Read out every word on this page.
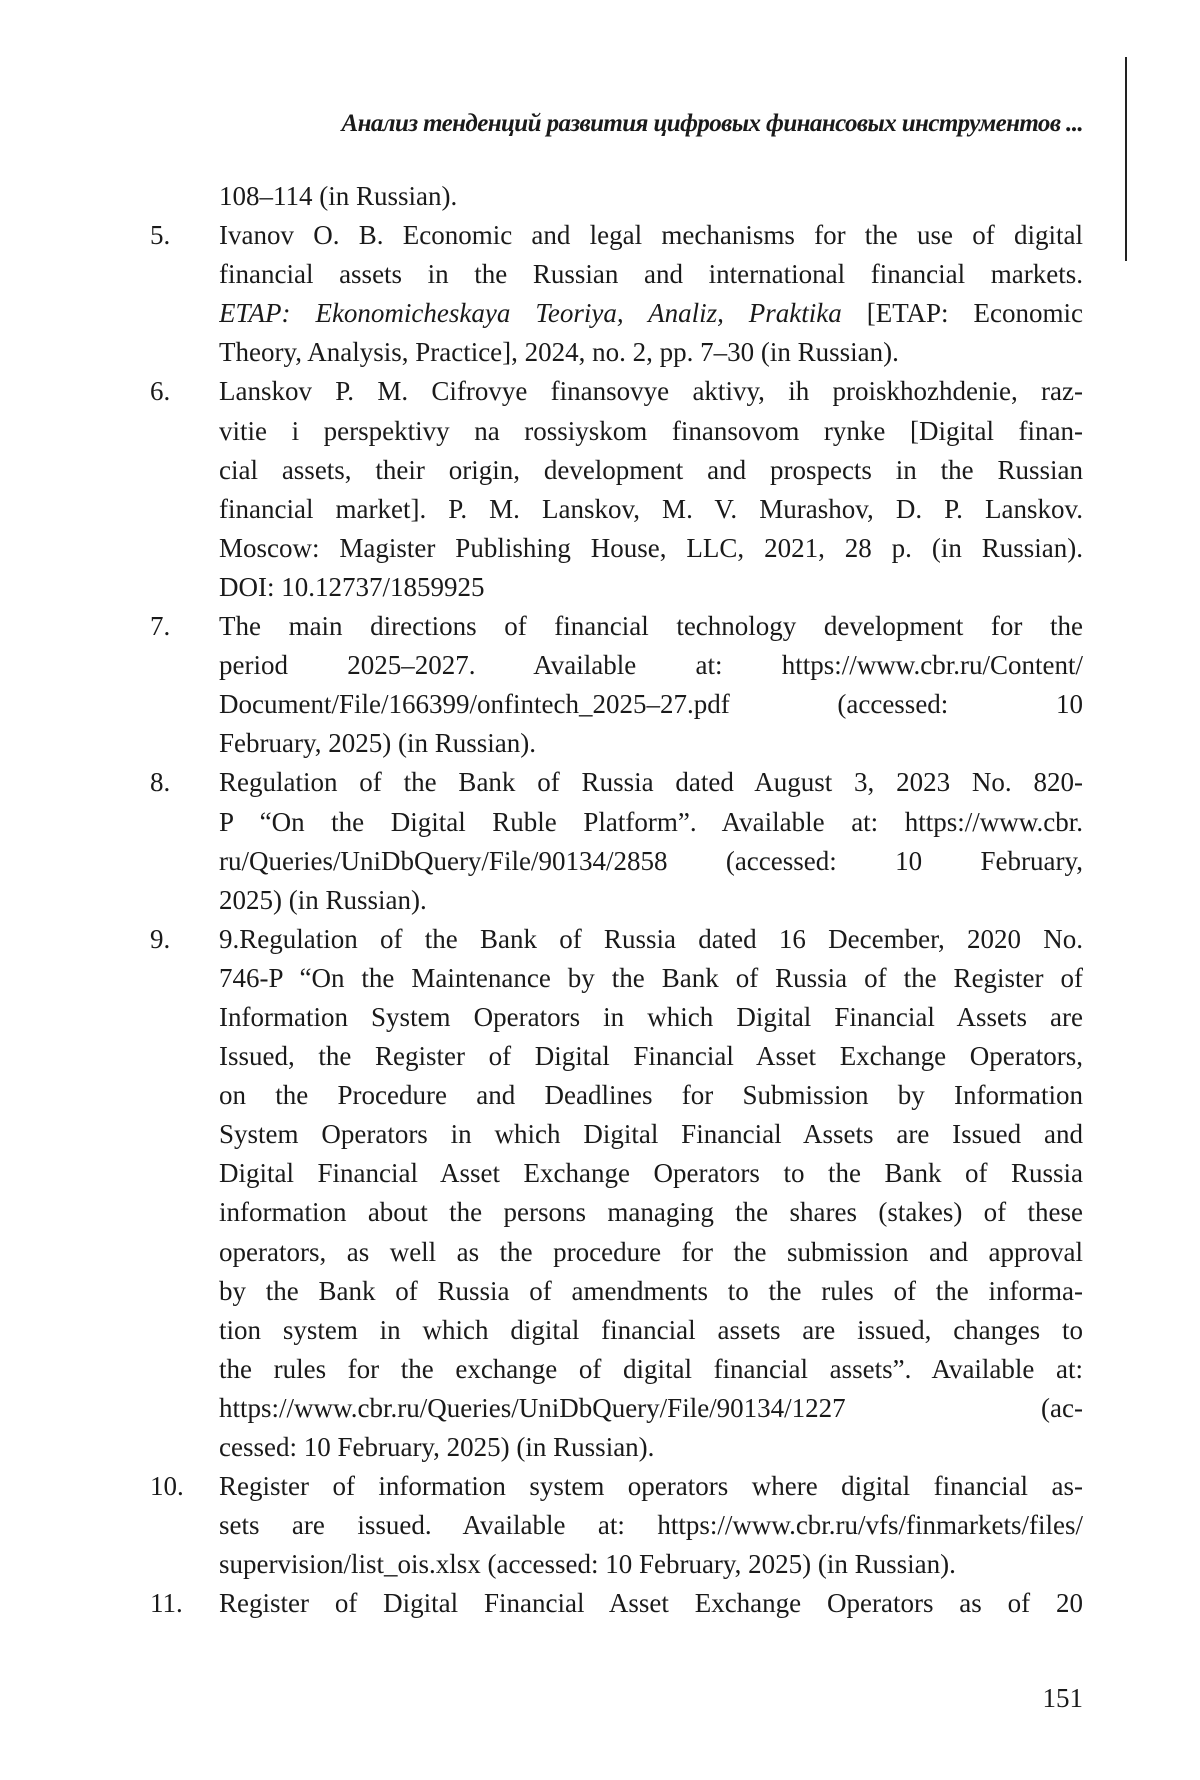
Анализ тенденций развития цифровых финансовых инструментов ...
108–114 (in Russian).
5.	Ivanov O. B. Economic and legal mechanisms for the use of digital
financial assets in the Russian and international financial markets.
ETAP: Ekonomicheskaya Teoriya, Analiz, Praktika [ETAP: Economic
Theory, Analysis, Practice], 2024, no. 2, pp. 7–30 (in Russian).
6.	Lanskov P. M. Cifrovye finansovye aktivy, ih proiskhozhdenie, raz-
vitie i perspektivy na rossiyskom finansovom rynke [Digital finan-
cial assets, their origin, development and prospects in the Russian
financial market]. P. M. Lanskov, M. V. Murashov, D. P. Lanskov.
Moscow: Magister Publishing House, LLC, 2021, 28 p. (in Russian).
DOI: 10.12737/1859925
7.	The main directions of financial technology development for the
period 2025–2027. Available at: https://www.cbr.ru/Content/
Document/File/166399/onfintech_2025–27.pdf (accessed: 10
February, 2025) (in Russian).
8.	Regulation of the Bank of Russia dated August 3, 2023 No. 820-
P “On the Digital Ruble Platform”. Available at: https://www.cbr.
ru/Queries/UniDbQuery/File/90134/2858 (accessed: 10 February,
2025) (in Russian).
9.	9.Regulation of the Bank of Russia dated 16 December, 2020 No.
746-P “On the Maintenance by the Bank of Russia of the Register of
Information System Operators in which Digital Financial Assets are
Issued, the Register of Digital Financial Asset Exchange Operators,
on the Procedure and Deadlines for Submission by Information
System Operators in which Digital Financial Assets are Issued and
Digital Financial Asset Exchange Operators to the Bank of Russia
information about the persons managing the shares (stakes) of these
operators, as well as the procedure for the submission and approval
by the Bank of Russia of amendments to the rules of the informa-
tion system in which digital financial assets are issued, changes to
the rules for the exchange of digital financial assets”. Available at:
https://www.cbr.ru/Queries/UniDbQuery/File/90134/1227 (ac-
cessed: 10 February, 2025) (in Russian).
10.	Register of information system operators where digital financial as-
sets are issued. Available at: https://www.cbr.ru/vfs/finmarkets/files/
supervision/list_ois.xlsx (accessed: 10 February, 2025) (in Russian).
11.	Register of Digital Financial Asset Exchange Operators as of 20
151
